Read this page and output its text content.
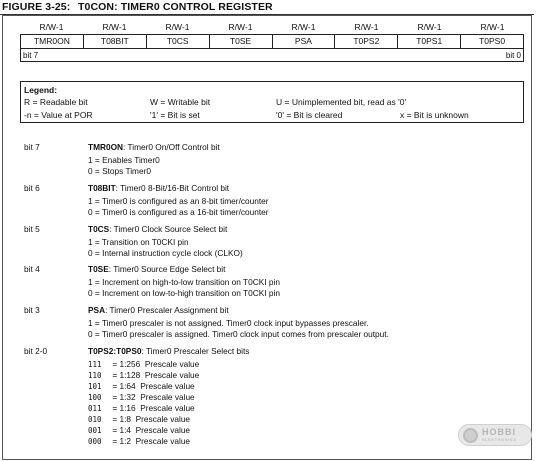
FIGURE 3-25: T0CON: TIMER0 CONTROL REGISTER
R/W-1	R/W-1	R/W-1	R/W-1	R/W-1	R/W-1	R/W-1	R/W-1
TMR0ON	T08BIT	T0CS	T0SE	PSA	T0PS2	T0PS1	T0PS0
bit 7	bit 0
Legend:
R = Readable bit	W = Writable bit	U = Unimplemented bit, read as '0'
-n = Value at POR	'1' = Bit is set	'0' = Bit is cleared	x = Bit is unknown
bit 7	TMR0ON: Timer0 On/Off Control bit
1 = Enables Timer0
0 = Stops Timer0
bit 6	T08BIT: Timer0 8-Bit/16-Bit Control bit
1 = Timer0 is configured as an 8-bit timer/counter
0 = Timer0 is configured as a 16-bit timer/counter
bit 5	T0CS: Timer0 Clock Source Select bit
1 = Transition on T0CKI pin
0 = Internal instruction cycle clock (CLKO)
bit 4	T0SE: Timer0 Source Edge Select bit
1 = Increment on high-to-low transition on T0CKI pin
0 = Increment on low-to-high transition on T0CKI pin
bit 3	PSA: Timer0 Prescaler Assignment bit
1 = Timer0 prescaler is not assigned. Timer0 clock input bypasses prescaler.
0 = Timer0 prescaler is assigned. Timer0 clock input comes from prescaler output.
bit 2-0	T0PS2:T0PS0: Timer0 Prescaler Select bits
111 = 1:256 Prescale value
110 = 1:128 Prescale value
101 = 1:64 Prescale value
100 = 1:32 Prescale value
011 = 1:16 Prescale value
010 = 1:8 Prescale value
001 = 1:4 Prescale value
000 = 1:2 Prescale value
HOBBI
ELEKTRONIKA
